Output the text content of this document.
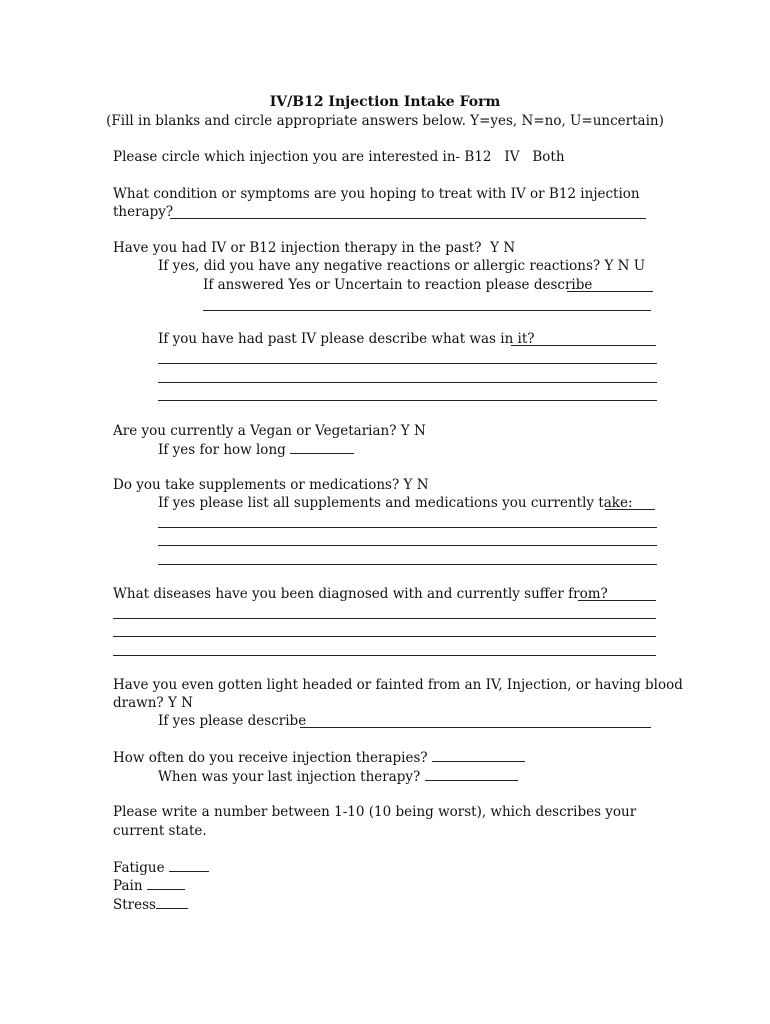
IV/B12 Injection Intake Form
(Fill in blanks and circle appropriate answers below. Y=yes, N=no, U=uncertain)
Please circle which injection you are interested in- B12 IV Both
What condition or symptoms are you hoping to treat with IV or B12 injection
therapy?
Have you had IV or B12 injection therapy in the past? Y N
If yes, did you have any negative reactions or allergic reactions? Y N U
If answered Yes or Uncertain to reaction please describe
If you have had past IV please describe what was in it?
Are you currently a Vegan or Vegetarian? Y N
If yes for how long
Do you take supplements or medications? Y N
If yes please list all supplements and medications you currently take:
What diseases have you been diagnosed with and currently suffer from?
Have you even gotten light headed or fainted from an IV, Injection, or having blood
drawn? Y N
If yes please describe
How often do you receive injection therapies?
When was your last injection therapy?
Please write a number between 1-10 (10 being worst), which describes your
current state.
Fatigue
Pain
Stress
